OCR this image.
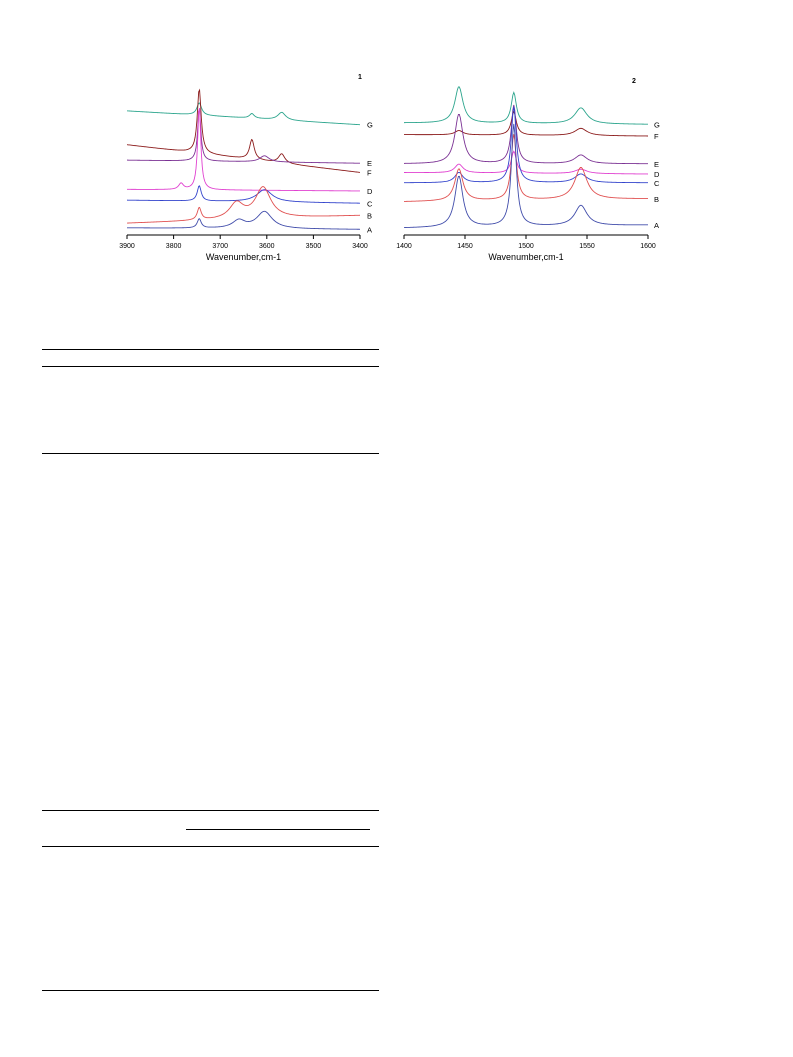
3900	3800	3700	3600	3500	3400
Wavenumber,cm-1
1
G
F
E
D
C
B
A
1400	1450	1500	1550	1600
Wavenumber,cm-1
2
G
F
E
D
C
B
A
